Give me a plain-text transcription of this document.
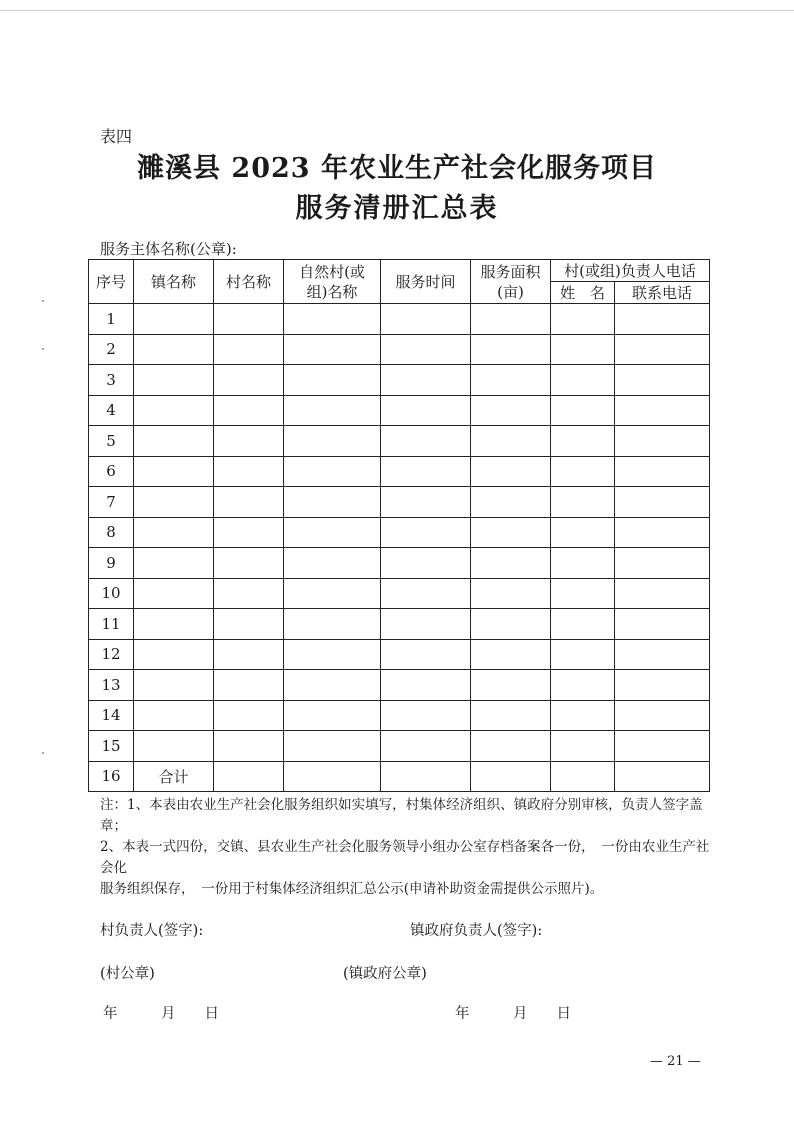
表四
濉溪县 2023 年农业生产社会化服务项目
服务清册汇总表
服务主体名称(公章):
序号	镇名称	村名称	自然村(或组)名称	服务时间	服务面积(亩)	村(或组)负责人电话	
						姓　名	联系电话
1							
2							
3							
4							
5							
6							
7							
8							
9							
10							
11							
12							
13							
14							
15							
16	合计						
注：1、本表由农业生产社会化服务组织如实填写，村集体经济组织、镇政府分别审核，负责人签字盖章；
2、本表一式四份，交镇、县农业生产社会化服务领导小组办公室存档备案各一份，　一份由农业生产社会化
服务组织保存，　一份用于村集体经济组织汇总公示(申请补助资金需提供公示照片)。
村负责人(签字):	镇政府负责人(签字):
(村公章)	(镇政府公章)
年　　　月　　日	年　　　月　　日
— 21 —
